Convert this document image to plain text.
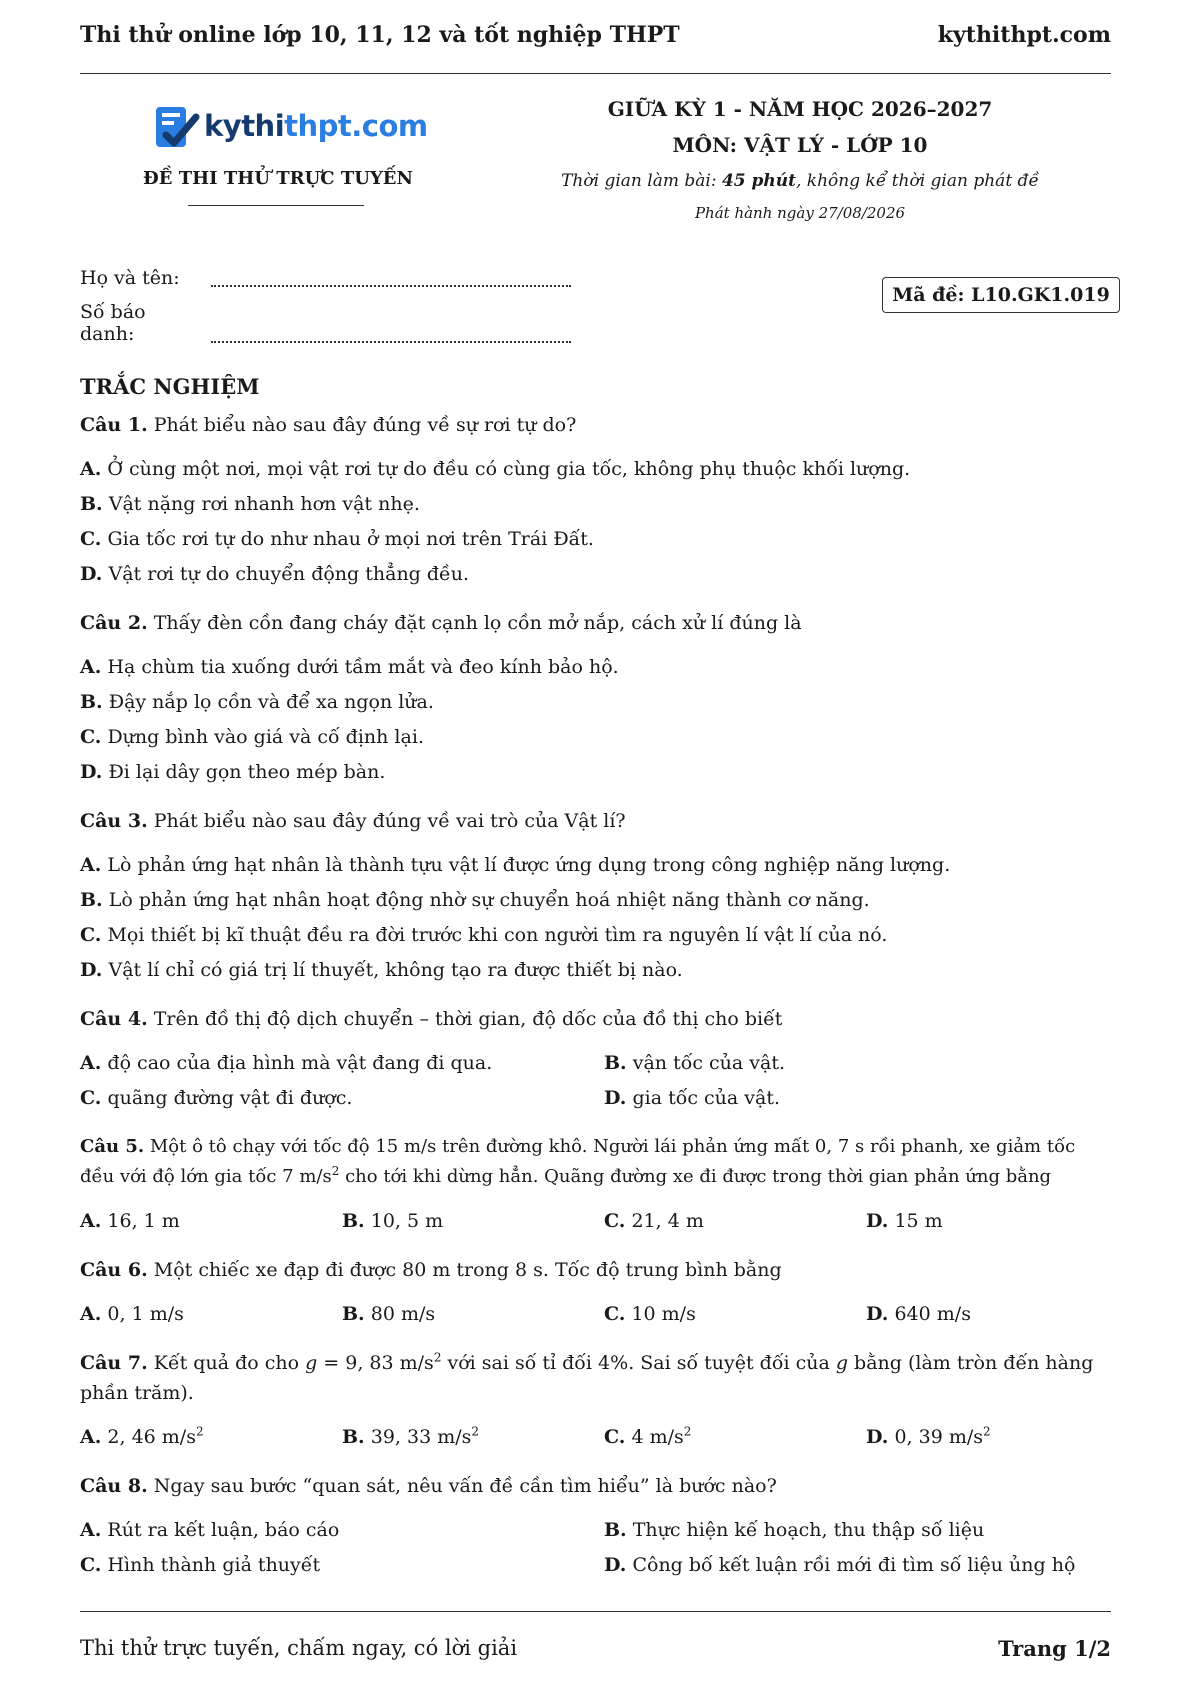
Thi thử online lớp 10, 11, 12 và tốt nghiệp THPT	kythithpt.com
kythithpt.com
ĐỀ THI THỬ TRỰC TUYẾN
GIỮA KỲ 1 - NĂM HỌC 2026–2027
MÔN: VẬT LÝ - LỚP 10
Thời gian làm bài: 45 phút, không kể thời gian phát đề
Phát hành ngày 27/08/2026
Họ và tên:
Số báo danh:
Mã đề: L10.GK1.019
TRẮC NGHIỆM
Câu 1. Phát biểu nào sau đây đúng về sự rơi tự do?
A. Ở cùng một nơi, mọi vật rơi tự do đều có cùng gia tốc, không phụ thuộc khối lượng.
B. Vật nặng rơi nhanh hơn vật nhẹ.
C. Gia tốc rơi tự do như nhau ở mọi nơi trên Trái Đất.
D. Vật rơi tự do chuyển động thẳng đều.
Câu 2. Thấy đèn cồn đang cháy đặt cạnh lọ cồn mở nắp, cách xử lí đúng là
A. Hạ chùm tia xuống dưới tầm mắt và đeo kính bảo hộ.
B. Đậy nắp lọ cồn và để xa ngọn lửa.
C. Dựng bình vào giá và cố định lại.
D. Đi lại dây gọn theo mép bàn.
Câu 3. Phát biểu nào sau đây đúng về vai trò của Vật lí?
A. Lò phản ứng hạt nhân là thành tựu vật lí được ứng dụng trong công nghiệp năng lượng.
B. Lò phản ứng hạt nhân hoạt động nhờ sự chuyển hoá nhiệt năng thành cơ năng.
C. Mọi thiết bị kĩ thuật đều ra đời trước khi con người tìm ra nguyên lí vật lí của nó.
D. Vật lí chỉ có giá trị lí thuyết, không tạo ra được thiết bị nào.
Câu 4. Trên đồ thị độ dịch chuyển – thời gian, độ dốc của đồ thị cho biết
A. độ cao của địa hình mà vật đang đi qua.	B. vận tốc của vật.
C. quãng đường vật đi được.	D. gia tốc của vật.
Câu 5. Một ô tô chạy với tốc độ 15 m/s trên đường khô. Người lái phản ứng mất 0, 7 s rồi phanh, xe giảm tốc
đều với độ lớn gia tốc 7 $m/s^2$ cho tới khi dừng hẳn. Quãng đường xe đi được trong thời gian phản ứng bằng
A. 16, 1 m	B. 10, 5 m	C. 21, 4 m	D. 15 m
Câu 6. Một chiếc xe đạp đi được 80 m trong 8 s. Tốc độ trung bình bằng
A. 0, 1 m/s	B. 80 m/s	C. 10 m/s	D. 640 m/s
Câu 7. Kết quả đo cho g = 9, 83 $m/s^2$ với sai số tỉ đối 4%. Sai số tuyệt đối của g bằng (làm tròn đến hàng
phần trăm).
A. 2, 46 $m/s^2$	B. 39, 33 $m/s^2$	C. 4 $m/s^2$	D. 0, 39 $m/s^2$
Câu 8. Ngay sau bước “quan sát, nêu vấn đề cần tìm hiểu” là bước nào?
A. Rút ra kết luận, báo cáo	B. Thực hiện kế hoạch, thu thập số liệu
C. Hình thành giả thuyết	D. Công bố kết luận rồi mới đi tìm số liệu ủng hộ
Thi thử trực tuyến, chấm ngay, có lời giải	Trang 1/2
